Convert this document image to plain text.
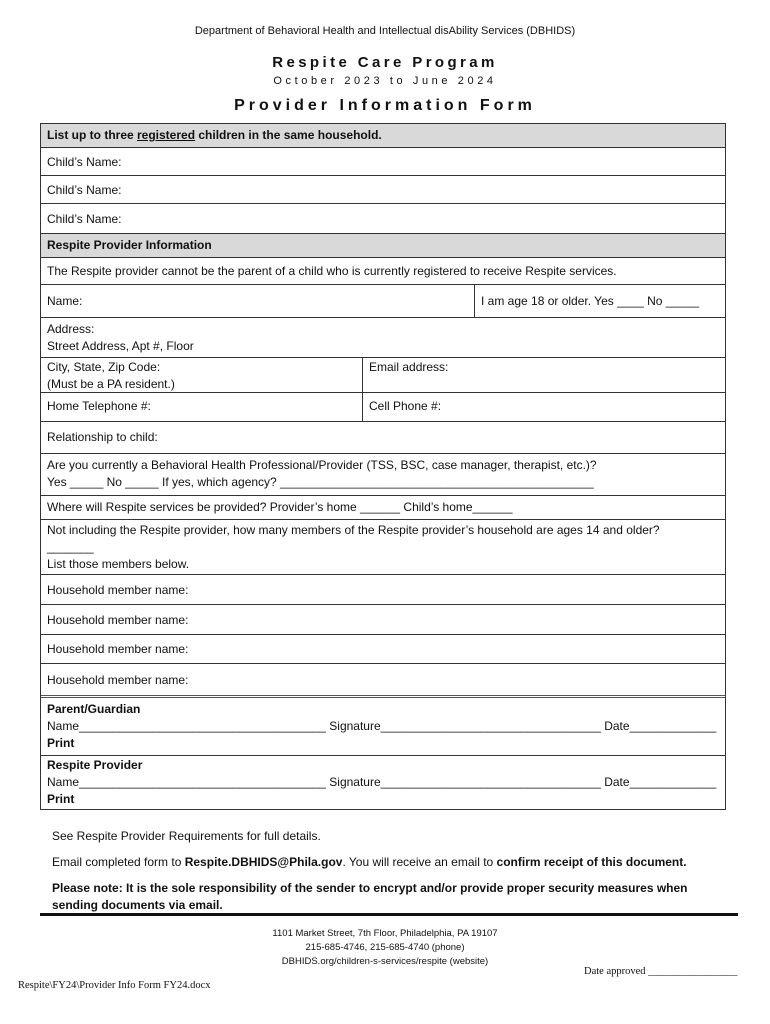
Department of Behavioral Health and Intellectual disAbility Services (DBHIDS)
Respite Care Program
October 2023 to June 2024
Provider Information Form
List up to three registered children in the same household.
Child’s Name:
Child’s Name:
Child’s Name:
Respite Provider Information
The Respite provider cannot be the parent of a child who is currently registered to receive Respite services.
Name:	I am age 18 or older. Yes ____ No _____
Address:
Street Address, Apt #, Floor
City, State, Zip Code:
(Must be a PA resident.)
Email address:
Home Telephone #:	Cell Phone #:
Relationship to child:
Are you currently a Behavioral Health Professional/Provider (TSS, BSC, case manager, therapist, etc.)?
Yes _____ No _____ If yes, which agency? _______________________________________________
Where will Respite services be provided? Provider’s home ______ Child’s home______
Not including the Respite provider, how many members of the Respite provider’s household are ages 14 and older?
_______
List those members below.
Household member name:
Household member name:
Household member name:
Household member name:
Parent/Guardian
Name_____________________________________ Signature_________________________________ Date_____________
Print
Respite Provider
Name_____________________________________ Signature_________________________________ Date_____________
Print

See Respite Provider Requirements for full details.

Email completed form to Respite.DBHIDS@Phila.gov. You will receive an email to confirm receipt of this document.

Please note: It is the sole responsibility of the sender to encrypt and/or provide proper security measures when sending documents via email.

1101 Market Street, 7th Floor, Philadelphia, PA 19107
215-685-4746, 215-685-4740 (phone)
DBHIDS.org/children-s-services/respite (website)
Date approved _________________
Respite\FY24\Provider Info Form FY24.docx
